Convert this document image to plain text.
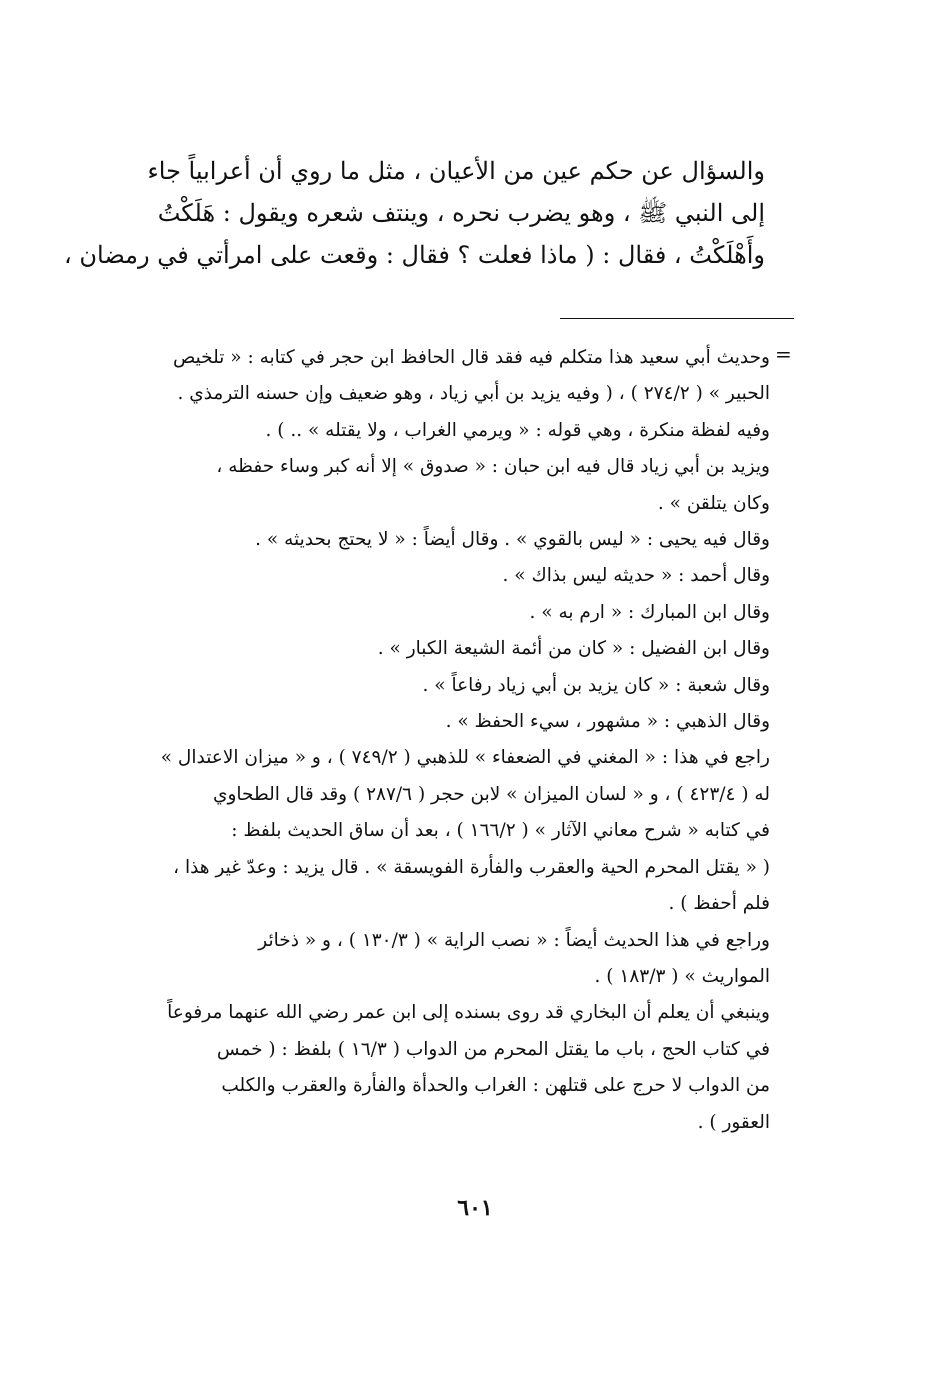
والسؤال عن حكم عين من الأعيان ، مثل ما روي أن أعرابياً جاء
إلى النبي ﷺ ، وهو يضرب نحره ، وينتف شعره ويقول : هَلَكْتُ
وأَهْلَكْتُ ، فقال : ( ماذا فعلت ؟ فقال : وقعت على امرأتي في رمضان ،
=
وحديث أبي سعيد هذا متكلم فيه فقد قال الحافظ ابن حجر في كتابه : « تلخيص
الحبير » ( ٢٧٤/٢ ) ، ( وفيه يزيد بن أبي زياد ، وهو ضعيف وإن حسنه الترمذي .
وفيه لفظة منكرة ، وهي قوله : « ويرمي الغراب ، ولا يقتله » .. ) .
ويزيد بن أبي زياد قال فيه ابن حبان : « صدوق » إلا أنه كبر وساء حفظه ،
وكان يتلقن » .
وقال فيه يحيى : « ليس بالقوي » . وقال أيضاً : « لا يحتج بحديثه » .
وقال أحمد : « حديثه ليس بذاك » .
وقال ابن المبارك : « ارم به » .
وقال ابن الفضيل : « كان من أئمة الشيعة الكبار » .
وقال شعبة : « كان يزيد بن أبي زياد رفاعاً » .
وقال الذهبي : « مشهور ، سيء الحفظ » .
راجع في هذا : « المغني في الضعفاء » للذهبي ( ٧٤٩/٢ ) ، و « ميزان الاعتدال »
له ( ٤٢٣/٤ ) ، و « لسان الميزان » لابن حجر ( ٢٨٧/٦ ) وقد قال الطحاوي
في كتابه « شرح معاني الآثار » ( ١٦٦/٢ ) ، بعد أن ساق الحديث بلفظ :
( « يقتل المحرم الحية والعقرب والفأرة الفويسقة » . قال يزيد : وعدّ غير هذا ،
فلم أحفظ ) .
وراجع في هذا الحديث أيضاً : « نصب الراية » ( ١٣٠/٣ ) ، و « ذخائر
المواريث » ( ١٨٣/٣ ) .
وينبغي أن يعلم أن البخاري قد روى بسنده إلى ابن عمر رضي الله عنهما مرفوعاً
في كتاب الحج ، باب ما يقتل المحرم من الدواب ( ١٦/٣ ) بلفظ : ( خمس
من الدواب لا حرج على قتلهن : الغراب والحدأة والفأرة والعقرب والكلب
العقور ) .
٦٠١
